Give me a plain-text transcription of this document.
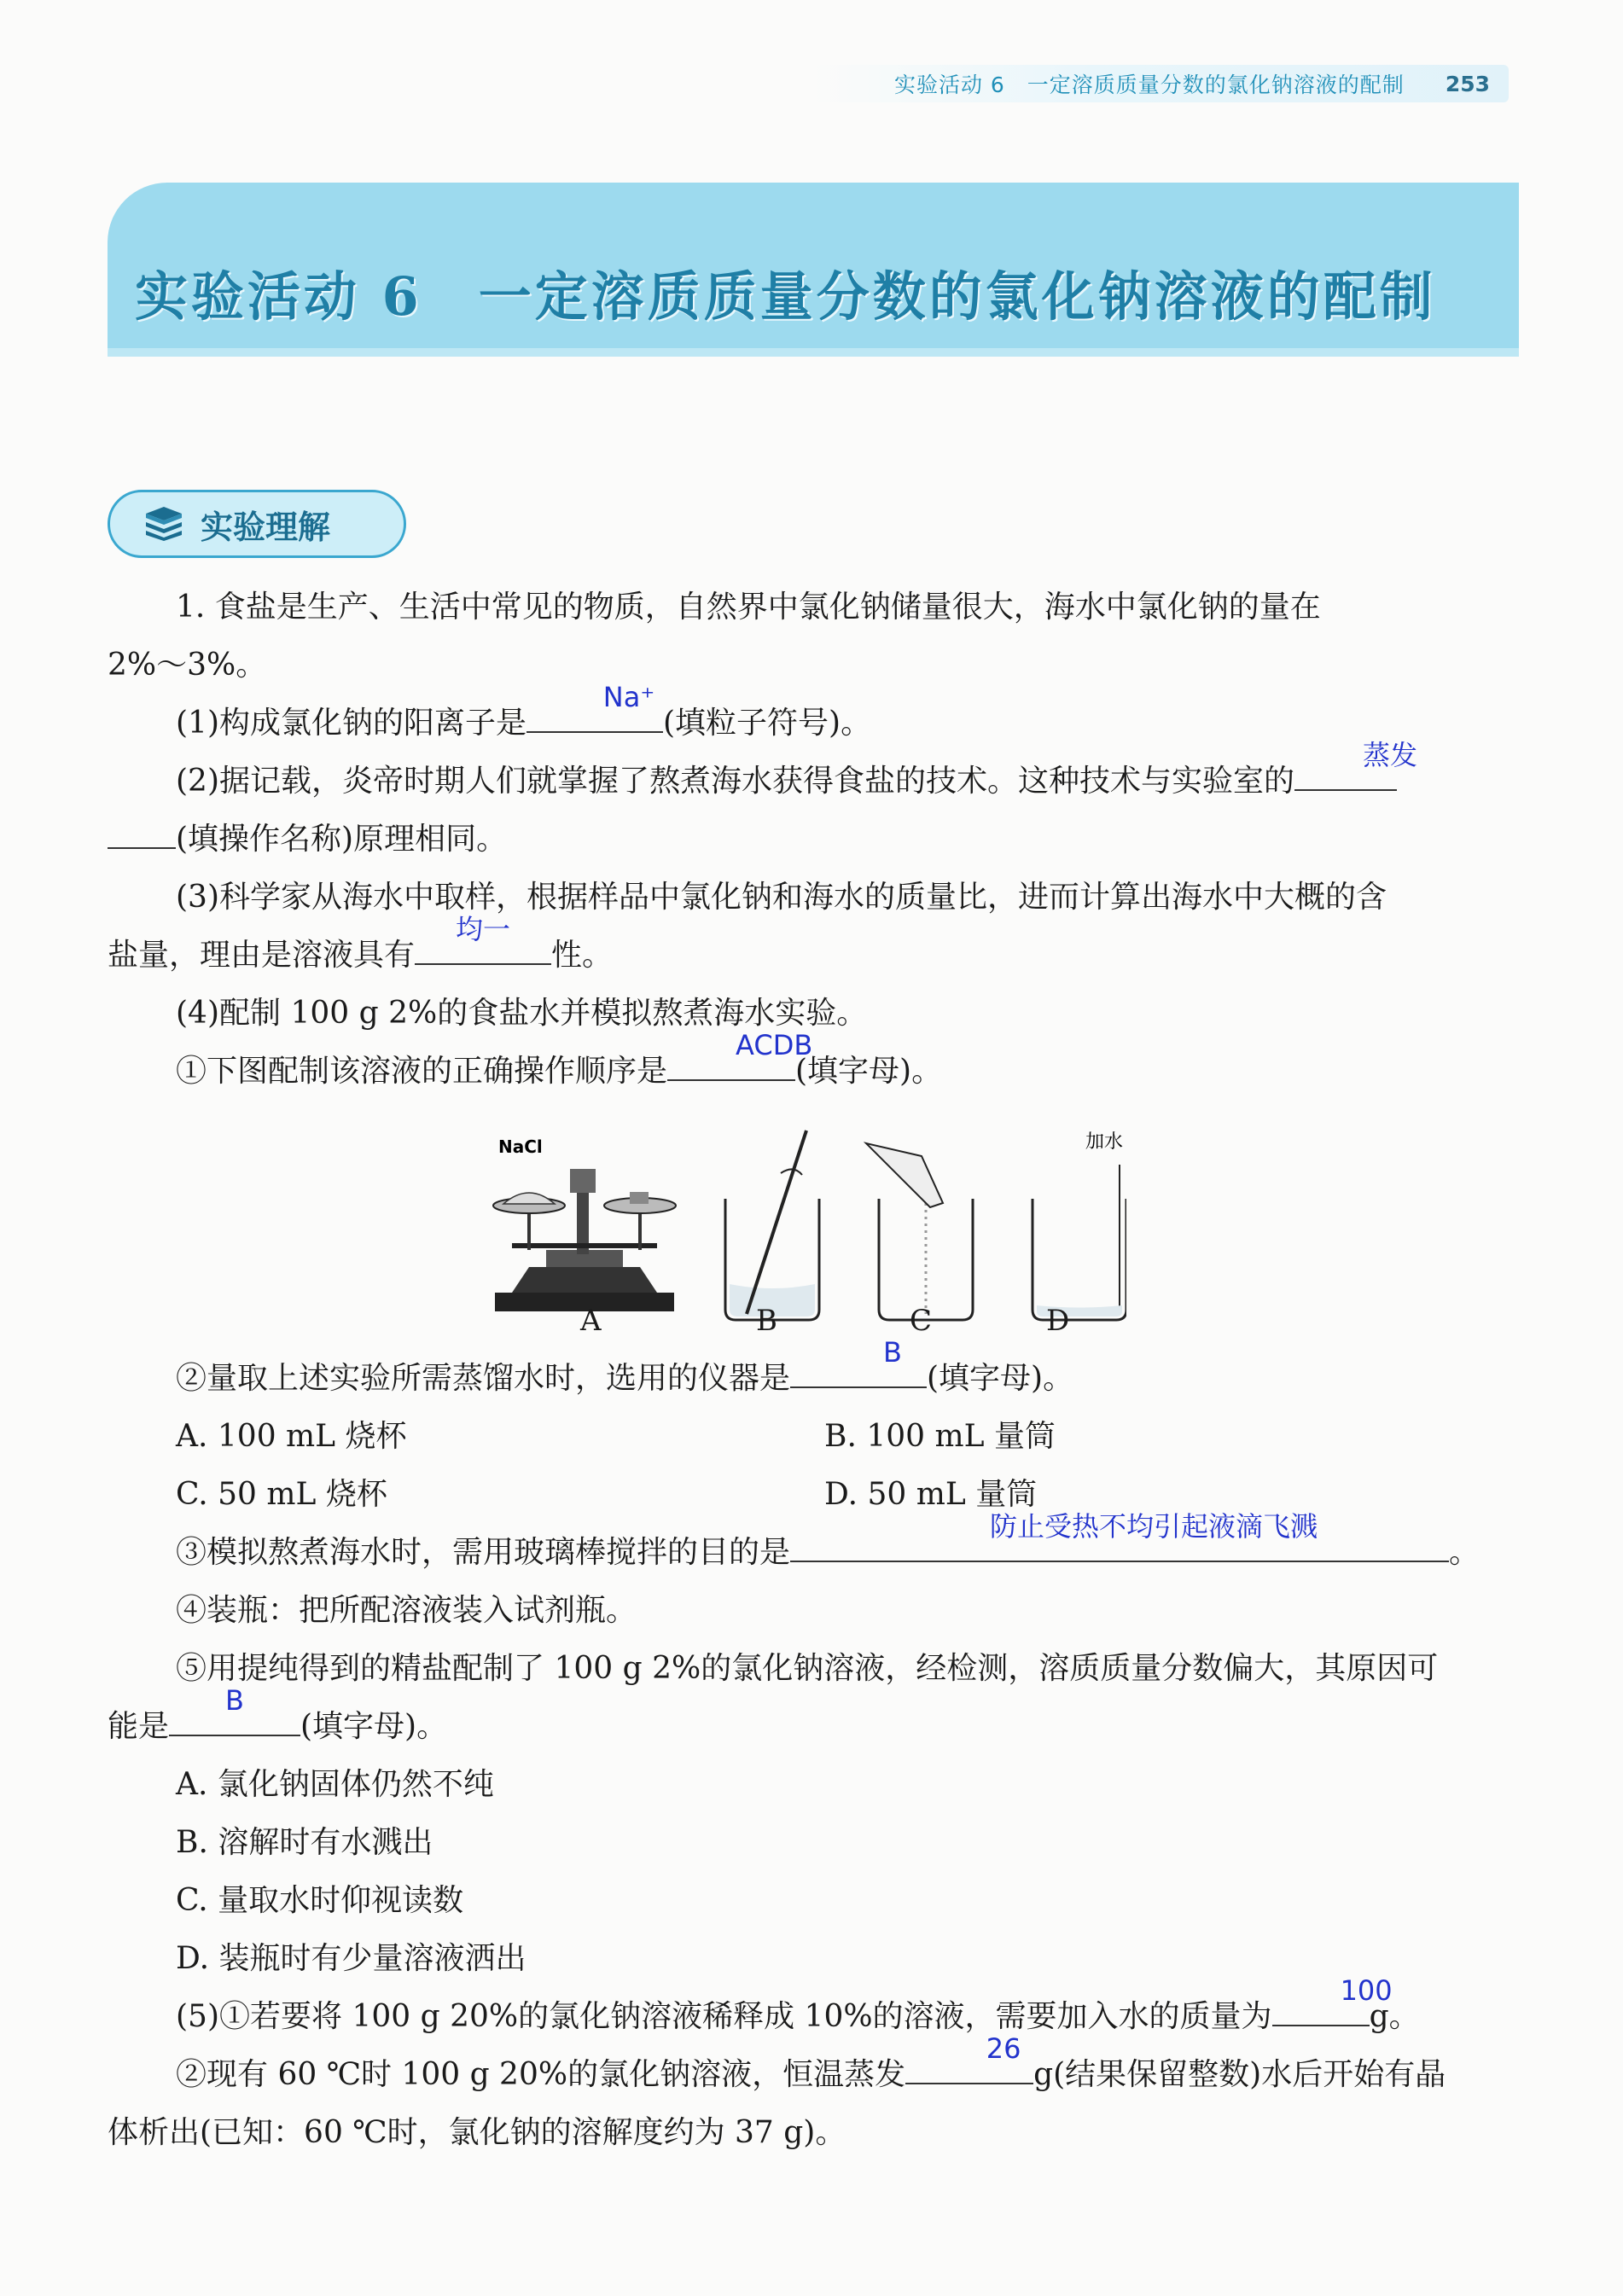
实验活动 6　一定溶质质量分数的氯化钠溶液的配制 253
实验活动 6　一定溶质质量分数的氯化钠溶液的配制
实验理解
1. 食盐是生产、生活中常见的物质，自然界中氯化钠储量很大，海水中氯化钠的量在
2%～3%。
(1)构成氯化钠的阳离子是
Na⁺
(填粒子符号)。
(2)据记载，炎帝时期人们就掌握了熬煮海水获得食盐的技术。这种技术与实验室的
蒸发
(填操作名称)原理相同。
(3)科学家从海水中取样，根据样品中氯化钠和海水的质量比，进而计算出海水中大概的含
盐量，理由是溶液具有
均一
性。
(4)配制 100 g 2%的食盐水并模拟熬煮海水实验。
①下图配制该溶液的正确操作顺序是
ACDB
(填字母)。
NaCl	加水
A	B	C	D
②量取上述实验所需蒸馏水时，选用的仪器是
B
(填字母)。
A. 100 mL 烧杯	B. 100 mL 量筒
C. 50 mL 烧杯	D. 50 mL 量筒
③模拟熬煮海水时，需用玻璃棒搅拌的目的是
防止受热不均引起液滴飞溅
。
④装瓶：把所配溶液装入试剂瓶。
⑤用提纯得到的精盐配制了 100 g 2%的氯化钠溶液，经检测，溶质质量分数偏大，其原因可
能是
B
(填字母)。
A. 氯化钠固体仍然不纯
B. 溶解时有水溅出
C. 量取水时仰视读数
D. 装瓶时有少量溶液洒出
(5)①若要将 100 g 20%的氯化钠溶液稀释成 10%的溶液，需要加入水的质量为
100
g。
②现有 60 ℃时 100 g 20%的氯化钠溶液，恒温蒸发
26
g(结果保留整数)水后开始有晶
体析出(已知：60 ℃时，氯化钠的溶解度约为 37 g)。
